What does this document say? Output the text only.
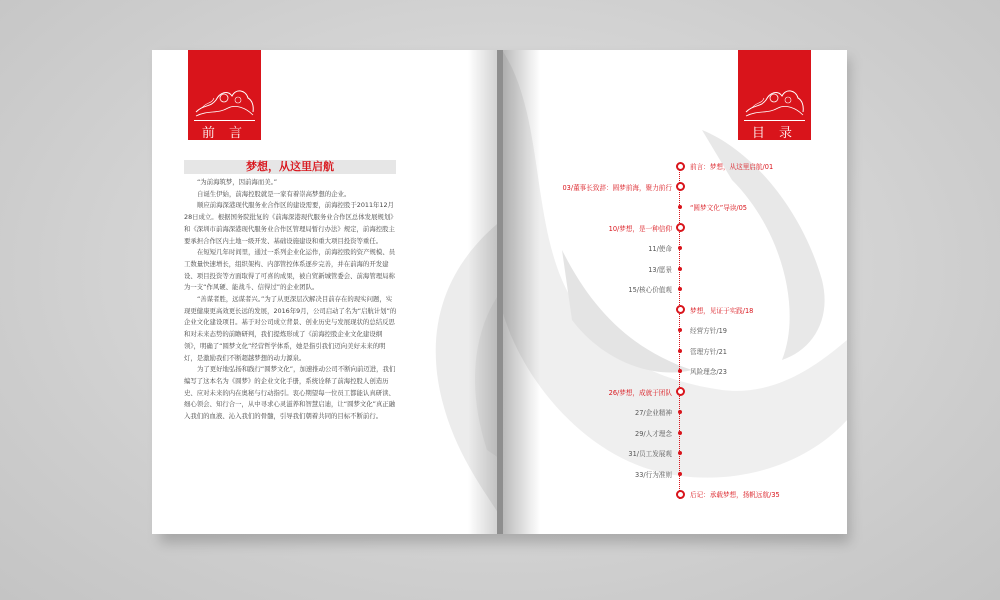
前 言
梦想，从这里启航

“为前海筑梦，因前海而美。”

自诞生伊始，前海控股就是一家有着崇高梦想的企业。

顺应前海深港现代服务业合作区的建设需要，前海控股于2011年12月28日成立。根据国务院批复的《前海深港现代服务业合作区总体发展规划》和《深圳市前海深港现代服务业合作区管理局暂行办法》规定，前海控股主要承担合作区内土地一级开发、基础设施建设和重大项目投资等重任。

在短短几年时间里，通过一系列企业化运作，前海控股的资产规模、员工数量快速增长，组织架构、内部管控体系逐步完善，并在前海的开发建设、项目投资等方面取得了可喜的成果，被自贸新城管委会、前海管理局称为一支“作风硬、能战斗、信得过”的企业团队。

“善谋者胜，远谋者兴。”为了从更深层次解决目前存在的现实问题，实现更健康更高效更长远的发展，2016年9月，公司启动了名为“启航计划”的企业文化建设项目。基于对公司成立背景、创业历史与发展现状的总结反思和对未来态势的前瞻研判，我们提炼形成了《前海控股企业文化建设纲领》，明确了“圆梦文化”经营哲学体系，她是指引我们迈向美好未来的明灯，是激励我们不断超越梦想的动力源泉。

为了更好地弘扬和践行“圆梦文化”，加速推动公司不断向前迈进，我们编写了这本名为《圆梦》的企业文化手册，系统诠释了前海控股人创造历史、应对未来的内在奥秘与行动指引。衷心期望每一位员工都能认真研读、细心领会、知行合一，从中寻求心灵滋养和智慧启迪，让“圆梦文化”真正融入我们的血液、沁入我们的骨髓，引导我们朝着共同的目标不断前行。

目 录
前言：梦想，从这里启航/01
03/董事长致辞：圆梦前海，聚力前行
“圆梦文化”导读/05
10/梦想，是一种信仰
11/使命
13/愿景
15/核心价值观
梦想，见证于实践/18
经营方针/19
管理方针/21
风险理念/23
26/梦想，成就于团队
27/企业精神
29/人才理念
31/员工发展观
33/行为准则
后记：承载梦想，扬帆远航/35
